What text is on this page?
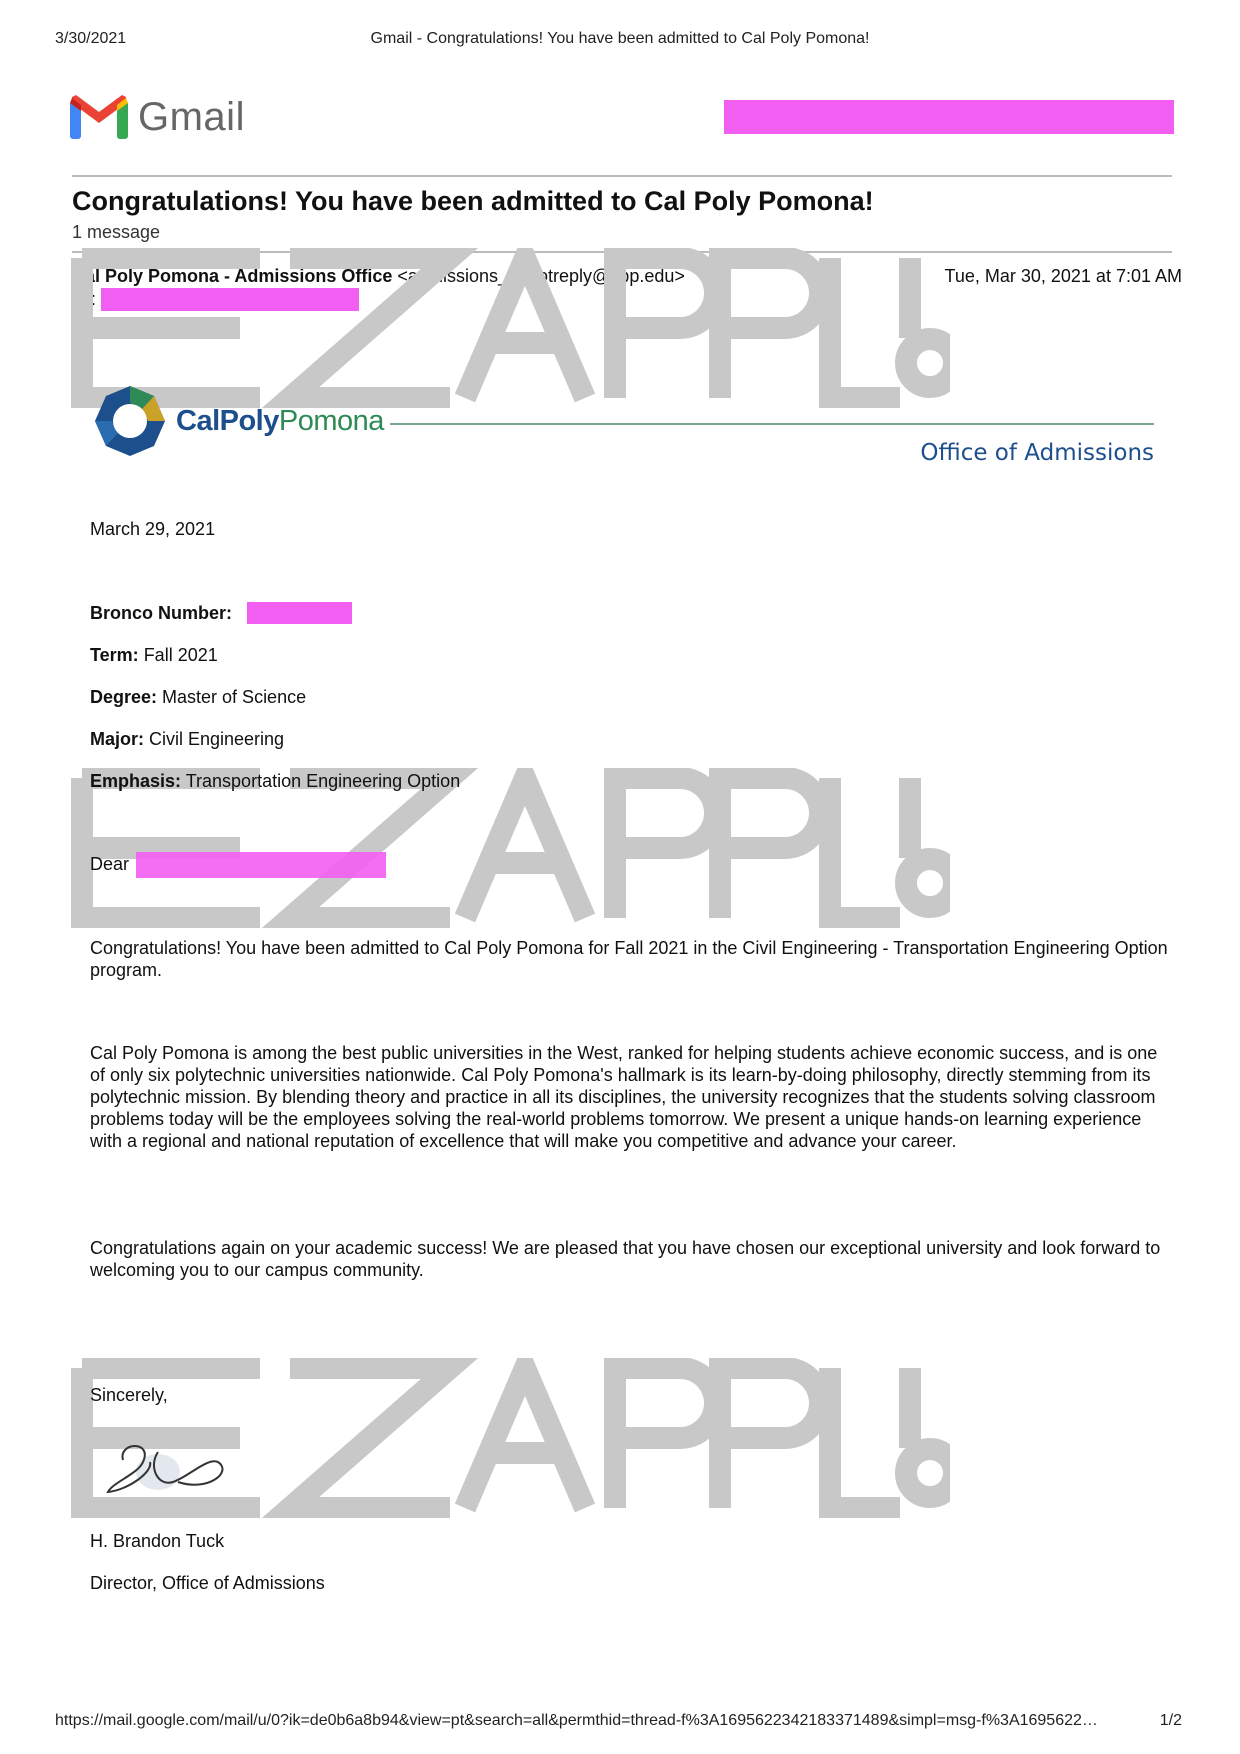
3/30/2021	Gmail - Congratulations! You have been admitted to Cal Poly Pomona!
Gmail
Congratulations! You have been admitted to Cal Poly Pomona!
1 message
Cal Poly Pomona - Admissions Office <admissions_donotreply@cpp.edu>	Tue, Mar 30, 2021 at 7:01 AM
To:
CalPolyPomona
Office of Admissions
March 29, 2021
Bronco Number:
Term: Fall 2021
Degree: Master of Science
Major: Civil Engineering
Emphasis: Transportation Engineering Option
Dear
Congratulations! You have been admitted to Cal Poly Pomona for Fall 2021 in the Civil Engineering - Transportation Engineering Option program.
Cal Poly Pomona is among the best public universities in the West, ranked for helping students achieve economic success, and is one of only six polytechnic universities nationwide. Cal Poly Pomona's hallmark is its learn-by-doing philosophy, directly stemming from its polytechnic mission. By blending theory and practice in all its disciplines, the university recognizes that the students solving classroom problems today will be the employees solving the real-world problems tomorrow. We present a unique hands-on learning experience with a regional and national reputation of excellence that will make you competitive and advance your career.
Congratulations again on your academic success! We are pleased that you have chosen our exceptional university and look forward to welcoming you to our campus community.
Sincerely,
H. Brandon Tuck
Director, Office of Admissions
https://mail.google.com/mail/u/0?ik=de0b6a8b94&view=pt&search=all&permthid=thread-f%3A1695622342183371489&simpl=msg-f%3A1695622…	1/2
